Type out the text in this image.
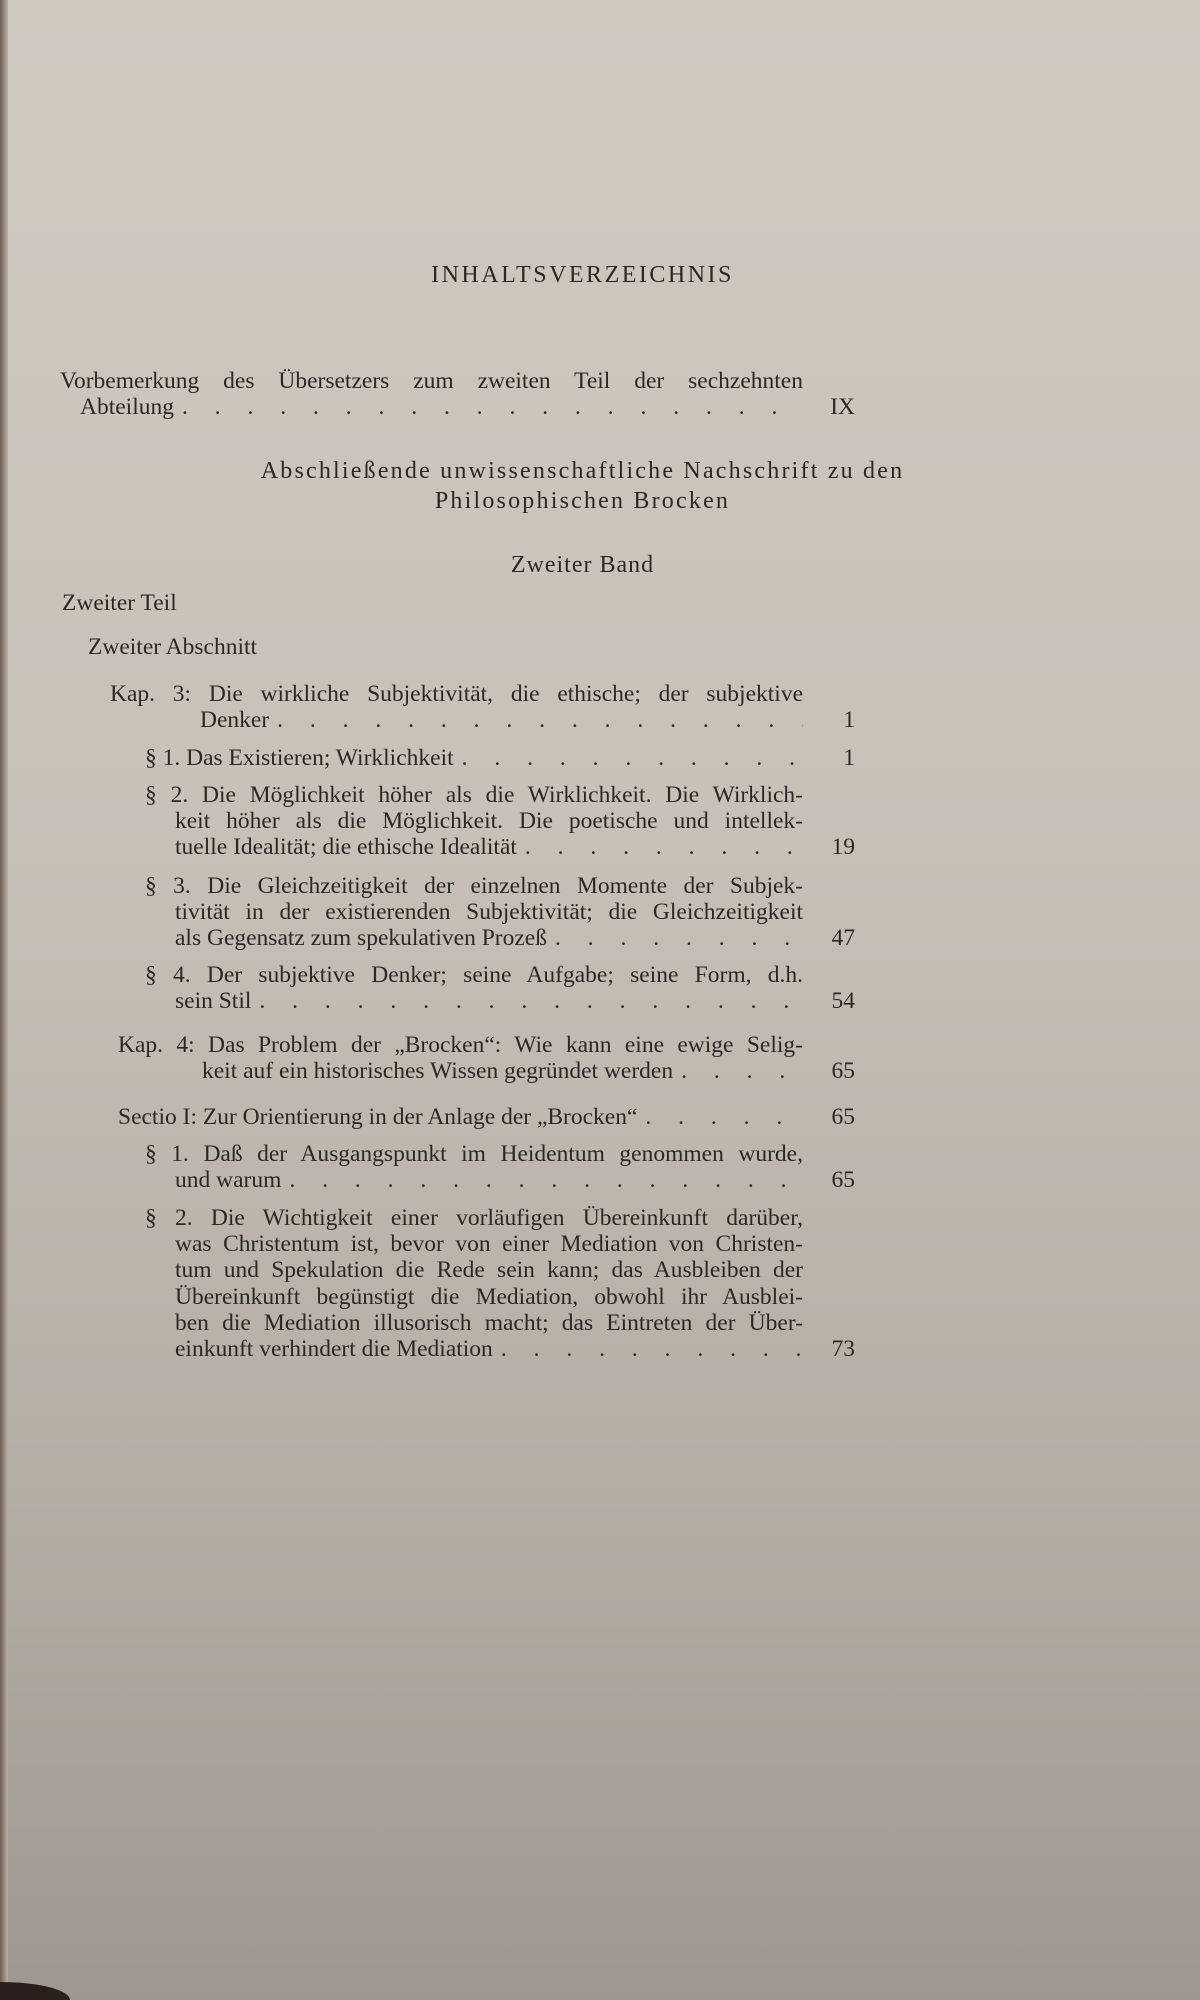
INHALTSVERZEICHNIS
Vorbemerkung des Übersetzers zum zweiten Teil der sechzehnten
Abteilung . . .	IX
Abschließende unwissenschaftliche Nachschrift zu den
Philosophischen Brocken
Zweiter Band
Zweiter Teil
Zweiter Abschnitt
Kap. 3: Die wirkliche Subjektivität, die ethische; der subjektive
Denker . . .	1
§ 1. Das Existieren; Wirklichkeit . . .	1
§ 2. Die Möglichkeit höher als die Wirklichkeit. Die Wirklich-
keit höher als die Möglichkeit. Die poetische und intellek-
tuelle Idealität; die ethische Idealität . . .	19
§ 3. Die Gleichzeitigkeit der einzelnen Momente der Subjek-
tivität in der existierenden Subjektivität; die Gleichzeitigkeit
als Gegensatz zum spekulativen Prozeß . . .	47
§ 4. Der subjektive Denker; seine Aufgabe; seine Form, d.h.
sein Stil . . .	54
Kap. 4: Das Problem der „Brocken“: Wie kann eine ewige Selig-
keit auf ein historisches Wissen gegründet werden . . .	65
Sectio I: Zur Orientierung in der Anlage der „Brocken“ . . .	65
§ 1. Daß der Ausgangspunkt im Heidentum genommen wurde,
und warum . . .	65
§ 2. Die Wichtigkeit einer vorläufigen Übereinkunft darüber,
was Christentum ist, bevor von einer Mediation von Christen-
tum und Spekulation die Rede sein kann; das Ausbleiben der
Übereinkunft begünstigt die Mediation, obwohl ihr Ausblei-
ben die Mediation illusorisch macht; das Eintreten der Über-
einkunft verhindert die Mediation . . .	73
